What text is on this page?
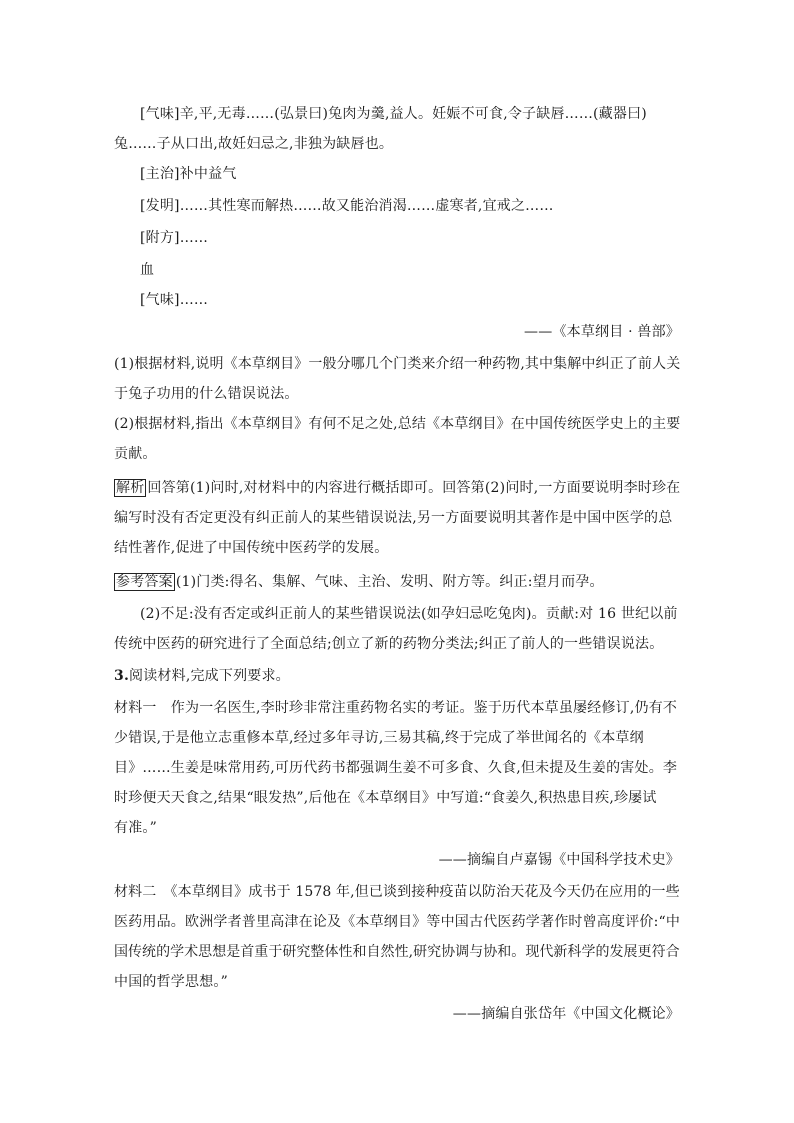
[气味]辛,平,无毒……(弘景曰)兔肉为羹,益人。妊娠不可食,令子缺唇……(藏器曰)
兔……子从口出,故妊妇忌之,非独为缺唇也。
[主治]补中益气
[发明]……其性寒而解热……故又能治消渴……虚寒者,宜戒之……
[附方]……
血
[气味]……
——《本草纲目 · 兽部》
(1)根据材料,说明《本草纲目》一般分哪几个门类来介绍一种药物,其中集解中纠正了前人关
于兔子功用的什么错误说法。
(2)根据材料,指出《本草纲目》有何不足之处,总结《本草纲目》在中国传统医学史上的主要
贡献。
解析 回答第(1)问时,对材料中的内容进行概括即可。回答第(2)问时,一方面要说明李时珍在
编写时没有否定更没有纠正前人的某些错误说法,另一方面要说明其著作是中国中医学的总
结性著作,促进了中国传统中医药学的发展。
参考答案 (1)门类:得名、集解、气味、主治、发明、附方等。纠正:望月而孕。
(2)不足:没有否定或纠正前人的某些错误说法(如孕妇忌吃兔肉)。贡献:对 16 世纪以前
传统中医药的研究进行了全面总结;创立了新的药物分类法;纠正了前人的一些错误说法。
3.阅读材料,完成下列要求。
材料一　作为一名医生,李时珍非常注重药物名实的考证。鉴于历代本草虽屡经修订,仍有不
少错误,于是他立志重修本草,经过多年寻访,三易其稿,终于完成了举世闻名的《本草纲
目》……生姜是味常用药,可历代药书都强调生姜不可多食、久食,但未提及生姜的害处。李
时珍便天天食之,结果“眼发热”,后他在《本草纲目》中写道:“食姜久,积热患目疾,珍屡试
有准。”
——摘编自卢嘉锡《中国科学技术史》
材料二　《本草纲目》成书于 1578 年,但已谈到接种疫苗以防治天花及今天仍在应用的一些
医药用品。欧洲学者普里高津在论及《本草纲目》等中国古代医药学著作时曾高度评价:“中
国传统的学术思想是首重于研究整体性和自然性,研究协调与协和。现代新科学的发展更符合
中国的哲学思想。”
——摘编自张岱年《中国文化概论》
